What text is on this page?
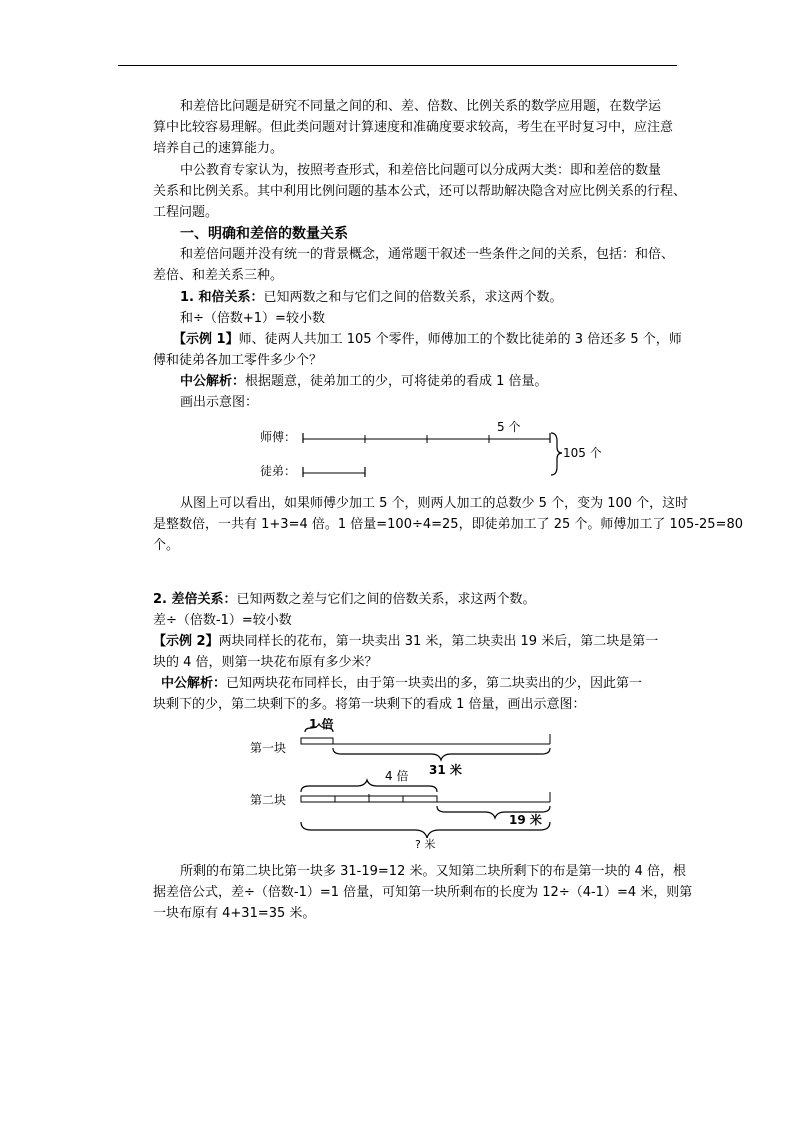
和差倍比问题是研究不同量之间的和、差、倍数、比例关系的数学应用题，在数学运
算中比较容易理解。但此类问题对计算速度和准确度要求较高，考生在平时复习中，应注意
培养自己的速算能力。
中公教育专家认为，按照考查形式，和差倍比问题可以分成两大类：即和差倍的数量
关系和比例关系。其中利用比例问题的基本公式，还可以帮助解决隐含对应比例关系的行程、
工程问题。
一、明确和差倍的数量关系
和差倍问题并没有统一的背景概念，通常题干叙述一些条件之间的关系，包括：和倍、
差倍、和差关系三种。
1. 和倍关系：已知两数之和与它们之间的倍数关系，求这两个数。
和÷（倍数+1）=较小数
【示例 1】师、徒两人共加工 105 个零件，师傅加工的个数比徒弟的 3 倍还多 5 个，师
傅和徒弟各加工零件多少个？
中公解析：根据题意，徒弟加工的少，可将徒弟的看成 1 倍量。
画出示意图：
师傅：
5 个
徒弟：
105 个
从图上可以看出，如果师傅少加工 5 个，则两人加工的总数少 5 个，变为 100 个，这时
是整数倍，一共有 1+3=4 倍。1 倍量=100÷4=25，即徒弟加工了 25 个。师傅加工了 105-25=80
个。
2. 差倍关系：已知两数之差与它们之间的倍数关系，求这两个数。
差÷（倍数-1）=较小数
【示例 2】两块同样长的花布，第一块卖出 31 米，第二块卖出 19 米后，第二块是第一
块的 4 倍，则第一块花布原有多少米？
中公解析：已知两块花布同样长，由于第一块卖出的多，第二块卖出的少，因此第一
块剩下的少，第二块剩下的多。将第一块剩下的看成 1 倍量，画出示意图：
第一块
1 倍
31 米
第二块
4 倍
19 米
? 米
所剩的布第二块比第一块多 31-19=12 米。又知第二块所剩下的布是第一块的 4 倍，根
据差倍公式，差÷（倍数-1）=1 倍量，可知第一块所剩布的长度为 12÷（4-1）=4 米，则第
一块布原有 4+31=35 米。
